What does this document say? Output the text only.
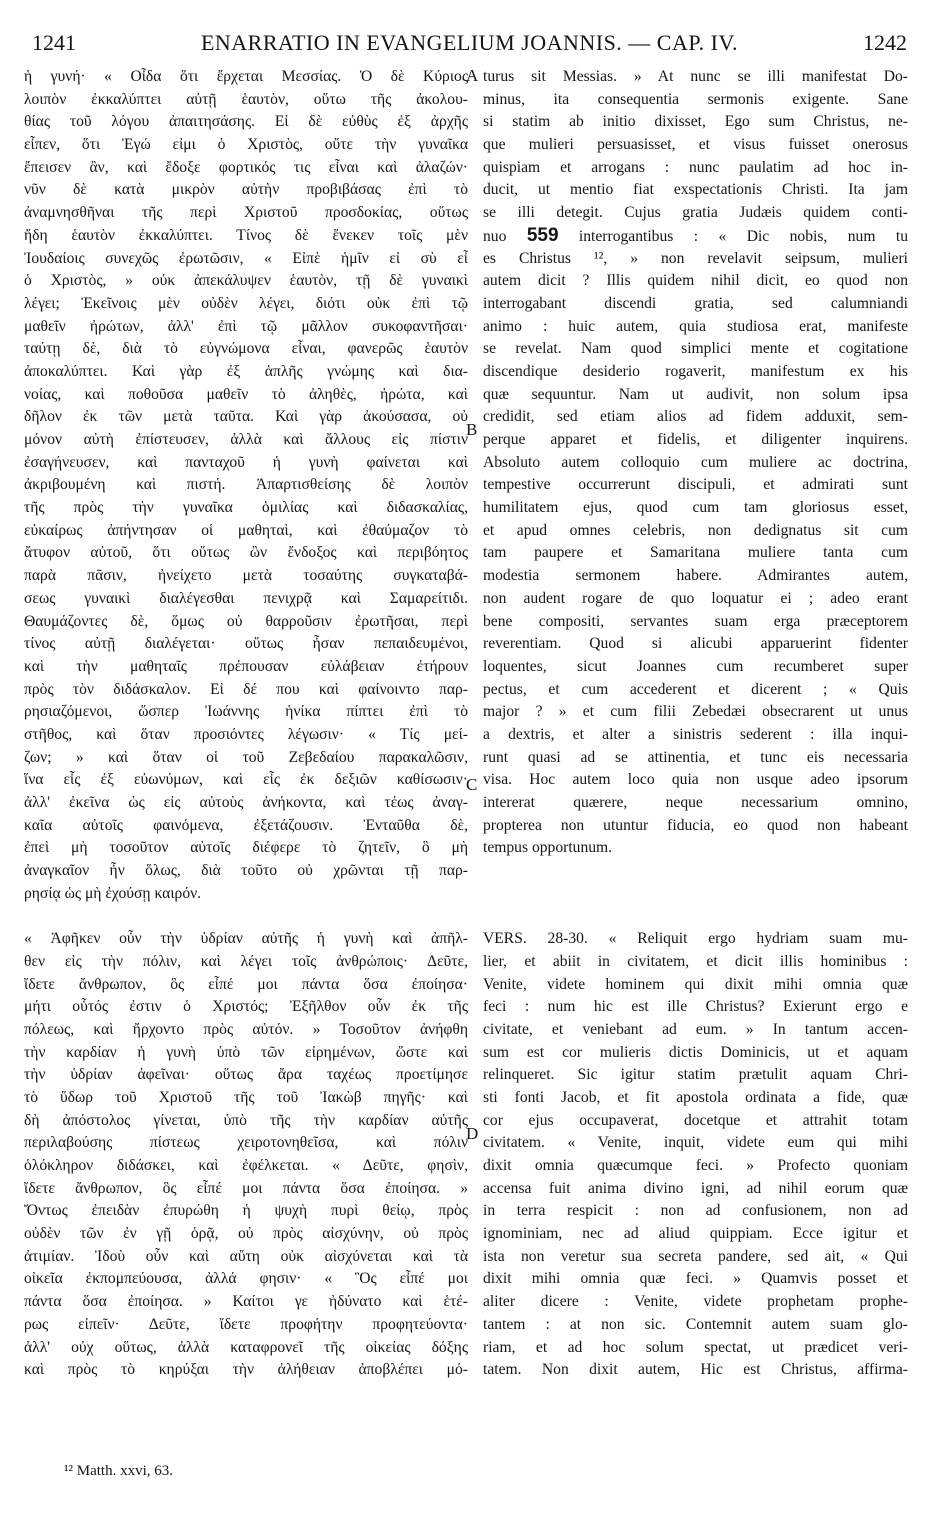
1241	ENARRATIO IN EVANGELIUM JOANNIS. — CAP. IV.	1242
ἡ γυνή· « Οἶδα ὅτι ἔρχεται Μεσσίας. Ὁ δὲ Κύριος
λοιπὸν ἐκκαλύπτει αὐτῇ ἑαυτὸν, οὕτω τῆς ἀκολου-
θίας τοῦ λόγου ἀπαιτησάσης. Εἰ δὲ εὐθὺς ἐξ ἀρχῆς
εἶπεν, ὅτι Ἐγώ εἰμι ὁ Χριστὸς, οὔτε τὴν γυναῖκα
ἔπεισεν ἂν, καὶ ἔδοξε φορτικός τις εἶναι καὶ ἀλαζών·
νῦν δὲ κατὰ μικρὸν αὐτὴν προβιβάσας ἐπὶ τὸ
ἀναμνησθῆναι τῆς περὶ Χριστοῦ προσδοκίας, οὕτως
ἤδη ἑαυτὸν ἐκκαλύπτει. Τίνος δὲ ἕνεκεν τοῖς μὲν
Ἰουδαίοις συνεχῶς ἐρωτῶσιν, « Εἰπὲ ἡμῖν εἰ σὺ εἶ
ὁ Χριστὸς, » οὐκ ἀπεκάλυψεν ἑαυτὸν, τῇ δὲ γυναικὶ
λέγει; Ἐκεῖνοις μὲν οὐδὲν λέγει, διότι οὐκ ἐπὶ τῷ
μαθεῖν ἠρώτων, ἀλλ' ἐπὶ τῷ μᾶλλον συκοφαντῆσαι·
ταύτῃ δὲ, διὰ τὸ εὐγνώμονα εἶναι, φανερῶς ἑαυτὸν
ἀποκαλύπτει. Καὶ γὰρ ἐξ ἁπλῆς γνώμης καὶ δια-
νοίας, καὶ ποθοῦσα μαθεῖν τὸ ἀληθὲς, ἠρώτα, καὶ
δῆλον ἐκ τῶν μετὰ ταῦτα. Καὶ γὰρ ἀκούσασα, οὐ
μόνον αὐτὴ ἐπίστευσεν, ἀλλὰ καὶ ἄλλους εἰς πίστιν
ἐσαγήνευσεν, καὶ πανταχοῦ ἡ γυνὴ φαίνεται καὶ
ἀκριβουμένη καὶ πιστή. Ἀπαρτισθείσης δὲ λοιπὸν
τῆς πρὸς τὴν γυναῖκα ὁμιλίας καὶ διδασκαλίας,
εὐκαίρως ἀπήντησαν οἱ μαθηταὶ, καὶ ἐθαύμαζον τὸ
ἄτυφον αὐτοῦ, ὅτι οὕτως ὢν ἔνδοξος καὶ περιβόητος
παρὰ πᾶσιν, ἠνείχετο μετὰ τοσαύτης συγκαταβά-
σεως γυναικὶ διαλέγεσθαι πενιχρᾷ καὶ Σαμαρείτιδι.
Θαυμάζοντες δὲ, ὅμως οὐ θαρροῦσιν ἐρωτῆσαι, περὶ
τίνος αὐτῇ διαλέγεται· οὕτως ἦσαν πεπαιδευμένοι,
καὶ τὴν μαθηταῖς πρέπουσαν εὐλάβειαν ἐτήρουν
πρὸς τὸν διδάσκαλον. Εἰ δέ που καὶ φαίνοιντο παρ-
ρησιαζόμενοι, ὥσπερ Ἰωάννης ἡνίκα πίπτει ἐπὶ τὸ
στῆθος, καὶ ὅταν προσιόντες λέγωσιν· « Τίς μεί-
ζων; » καὶ ὅταν οἱ τοῦ Ζεβεδαίου παρακαλῶσιν,
ἵνα εἷς ἐξ εὐωνύμων, καὶ εἷς ἐκ δεξιῶν καθίσωσιν·
ἀλλ' ἐκεῖνα ὡς εἰς αὐτοὺς ἀνήκοντα, καὶ τέως ἀναγ-
καῖα αὐτοῖς φαινόμενα, ἐξετάζουσιν. Ἐνταῦθα δὲ,
ἐπεὶ μὴ τοσοῦτον αὐτοῖς διέφερε τὸ ζητεῖν, ὃ μὴ
ἀναγκαῖον ἦν ὅλως, διὰ τοῦτο οὐ χρῶνται τῇ παρ-
ρησίᾳ ὡς μὴ ἐχούσῃ καιρόν.
« Ἀφῆκεν οὖν τὴν ὑδρίαν αὐτῆς ἡ γυνὴ καὶ ἀπῆλ-
θεν εἰς τὴν πόλιν, καὶ λέγει τοῖς ἀνθρώποις· Δεῦτε,
ἴδετε ἄνθρωπον, ὃς εἶπέ μοι πάντα ὅσα ἐποίησα·
μήτι οὗτός ἐστιν ὁ Χριστός; Ἐξῆλθον οὖν ἐκ τῆς
πόλεως, καὶ ἤρχοντο πρὸς αὐτόν. » Τοσοῦτον ἀνήφθη
τὴν καρδίαν ἡ γυνὴ ὑπὸ τῶν εἰρημένων, ὥστε καὶ
τὴν ὑδρίαν ἀφεῖναι· οὕτως ἄρα ταχέως προετίμησε
τὸ ὕδωρ τοῦ Χριστοῦ τῆς τοῦ Ἰακὼβ πηγῆς· καὶ
δὴ ἀπόστολος γίνεται, ὑπὸ τῆς τὴν καρδίαν αὐτῆς
περιλαβούσης πίστεως χειροτονηθεῖσα, καὶ πόλιν
ὁλόκληρον διδάσκει, καὶ ἐφέλκεται. « Δεῦτε, φησὶν,
ἴδετε ἄνθρωπον, ὃς εἶπέ μοι πάντα ὅσα ἐποίησα. »
Ὄντως ἐπειδὰν ἐπυρώθη ἡ ψυχὴ πυρὶ θείῳ, πρὸς
οὐδὲν τῶν ἐν γῇ ὁρᾷ, οὐ πρὸς αἰσχύνην, οὐ πρὸς
ἀτιμίαν. Ἰδοὺ οὖν καὶ αὕτη οὐκ αἰσχύνεται καὶ τὰ
οἰκεῖα ἐκπομπεύουσα, ἀλλά φησιν· « Ὃς εἶπέ μοι
πάντα ὅσα ἐποίησα. » Καίτοι γε ἠδύνατο καὶ ἑτέ-
ρως εἰπεῖν· Δεῦτε, ἴδετε προφήτην προφητεύοντα·
ἀλλ' οὐχ οὕτως, ἀλλὰ καταφρονεῖ τῆς οἰκείας δόξης
καὶ πρὸς τὸ κηρύξαι τὴν ἀλήθειαν ἀποβλέπει μό-
turus sit Messias. » At nunc se illi manifestat Do-
minus, ita consequentia sermonis exigente. Sane
si statim ab initio dixisset, Ego sum Christus, ne-
que mulieri persuasisset, et visus fuisset onerosus
quispiam et arrogans : nunc paulatim ad hoc in-
ducit, ut mentio fiat exspectationis Christi. Ita jam
se illi detegit. Cujus gratia Judæis quidem conti-
nuo 559 interrogantibus : « Dic nobis, num tu
es Christus ¹², » non revelavit seipsum, mulieri
autem dicit ? Illis quidem nihil dicit, eo quod non
interrogabant discendi gratia, sed calumniandi
animo : huic autem, quia studiosa erat, manifeste
se revelat. Nam quod simplici mente et cogitatione
discendique desiderio rogaverit, manifestum ex his
quæ sequuntur. Nam ut audivit, non solum ipsa
credidit, sed etiam alios ad fidem adduxit, sem-
perque apparet et fidelis, et diligenter inquirens.
Absoluto autem colloquio cum muliere ac doctrina,
tempestive occurrerunt discipuli, et admirati sunt
humilitatem ejus, quod cum tam gloriosus esset,
et apud omnes celebris, non dedignatus sit cum
tam paupere et Samaritana muliere tanta cum
modestia sermonem habere. Admirantes autem,
non audent rogare de quo loquatur ei ; adeo erant
bene compositi, servantes suam erga præceptorem
reverentiam. Quod si alicubi apparuerint fidenter
loquentes, sicut Joannes cum recumberet super
pectus, et cum accederent et dicerent ; « Quis
major ? » et cum filii Zebedæi obsecrarent ut unus
a dextris, et alter a sinistris sederent : illa inqui-
runt quasi ad se attinentia, et tunc eis necessaria
visa. Hoc autem loco quia non usque adeo ipsorum
intererat quærere, neque necessarium omnino,
propterea non utuntur fiducia, eo quod non habeant
tempus opportunum.
VERS. 28-30. « Reliquit ergo hydriam suam mu-
lier, et abiit in civitatem, et dicit illis hominibus :
Venite, videte hominem qui dixit mihi omnia quæ
feci : num hic est ille Christus? Exierunt ergo e
civitate, et veniebant ad eum. » In tantum accen-
sum est cor mulieris dictis Dominicis, ut et aquam
relinqueret. Sic igitur statim prætulit aquam Chri-
sti fonti Jacob, et fit apostola ordinata a fide, quæ
cor ejus occupaverat, docetque et attrahit totam
civitatem. « Venite, inquit, videte eum qui mihi
dixit omnia quæcumque feci. » Profecto quoniam
accensa fuit anima divino igni, ad nihil eorum quæ
in terra respicit : non ad confusionem, non ad
ignominiam, nec ad aliud quippiam. Ecce igitur et
ista non veretur sua secreta pandere, sed ait, « Qui
dixit mihi omnia quæ feci. » Quamvis posset et
aliter dicere : Venite, videte prophetam prophe-
tantem : at non sic. Contemnit autem suam glo-
riam, et ad hoc solum spectat, ut prædicet veri-
tatem. Non dixit autem, Hic est Christus, affirma-
A
B
C
D
¹² Matth. xxvi, 63.
